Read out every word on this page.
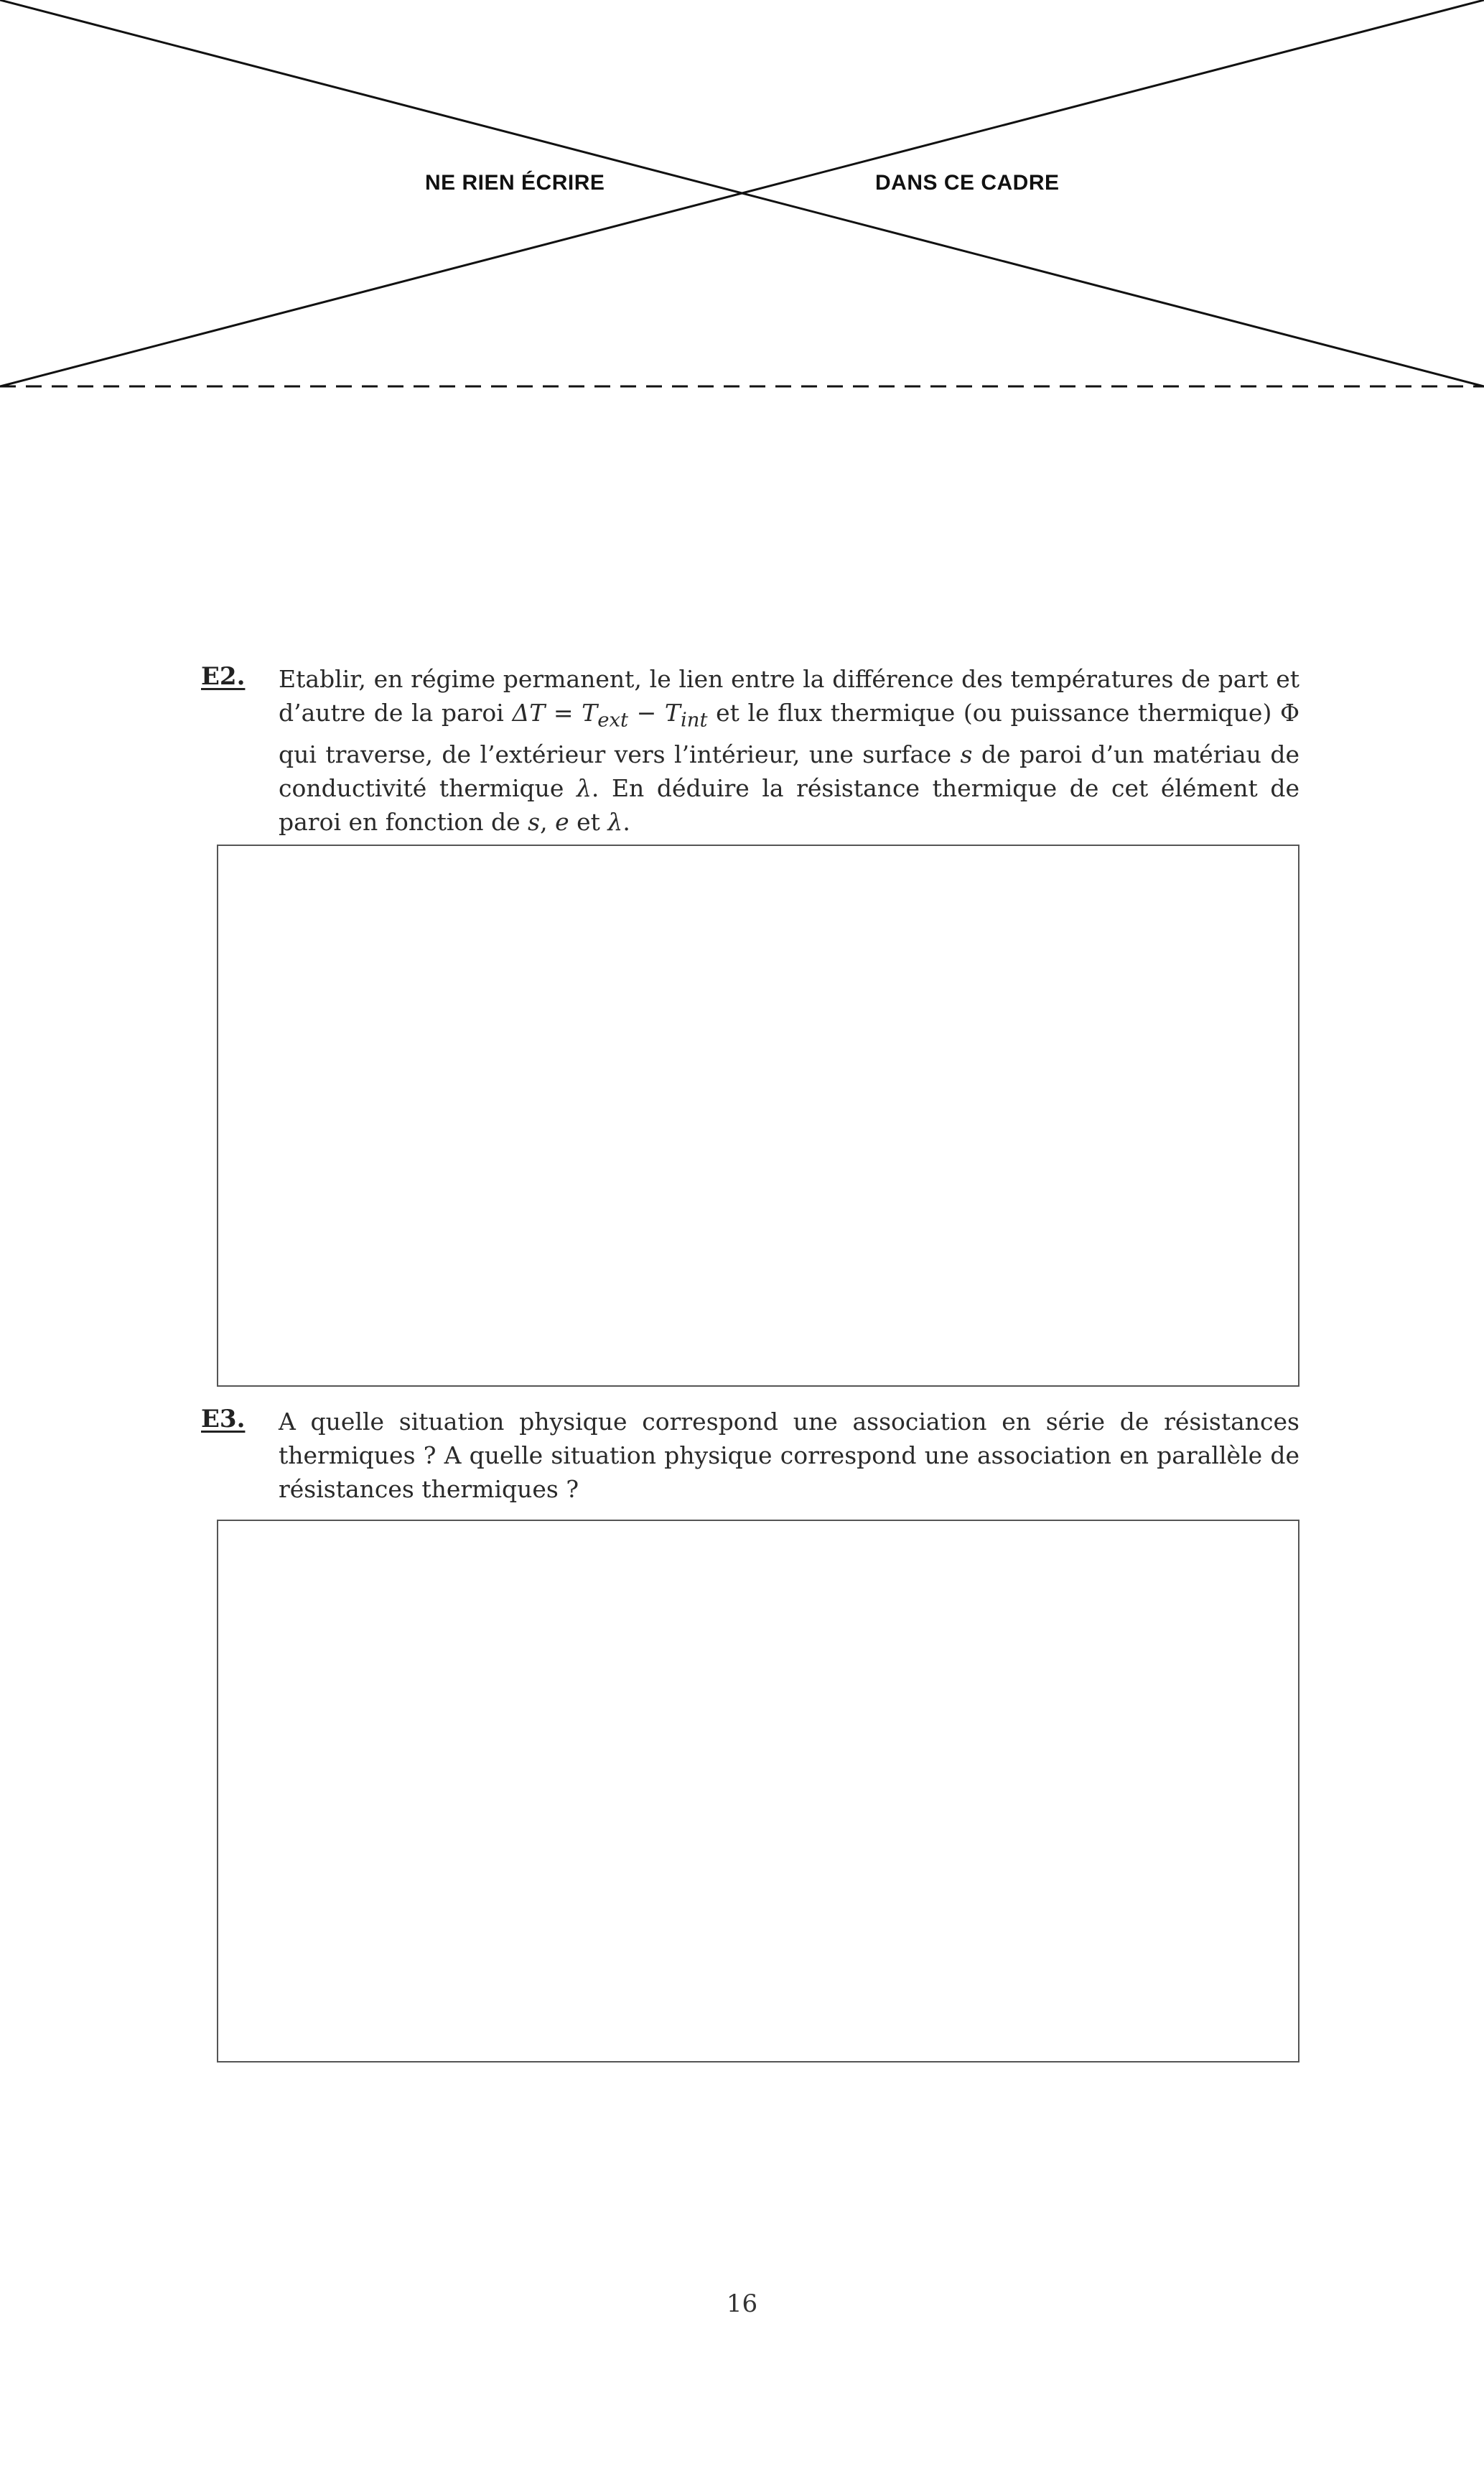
NE RIEN ÉCRIRE	DANS CE CADRE
E2. Etablir, en régime permanent, le lien entre la différence des températures de part et d’autre de la paroi $\Delta T = T_{ext} - T_{int}$ et le flux thermique (ou puissance thermique) Φ qui traverse, de l’extérieur vers l’intérieur, une surface s de paroi d’un matériau de conductivité thermique λ. En déduire la résistance thermique de cet élément de paroi en fonction de s, e et λ.

E3. A quelle situation physique correspond une association en série de résistances thermiques ? A quelle situation physique correspond une association en parallèle de résistances thermiques ?

16
